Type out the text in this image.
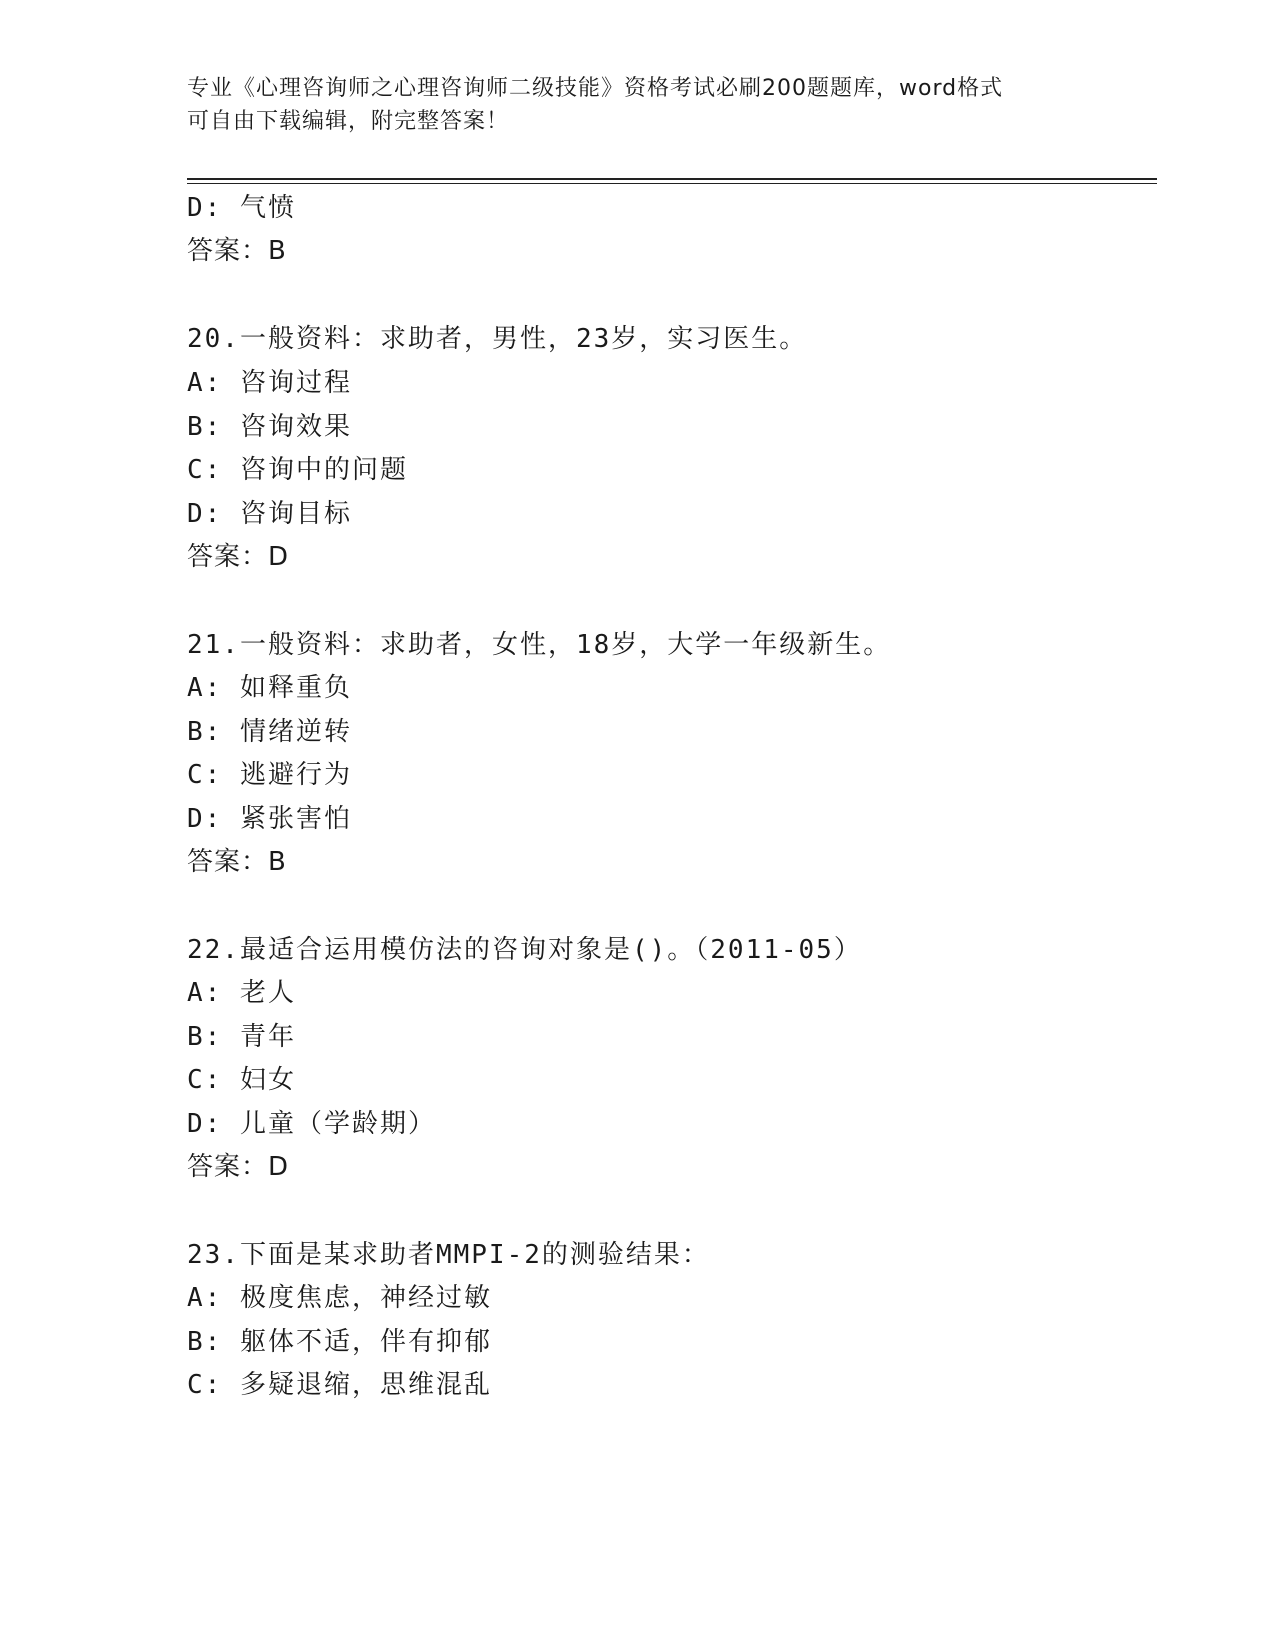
专业《心理咨询师之心理咨询师二级技能》资格考试必刷200题题库，word格式
可自由下载编辑，附完整答案！
D: 气愤
答案：B
20.一般资料：求助者，男性，23岁，实习医生。
A: 咨询过程
B: 咨询效果
C: 咨询中的问题
D: 咨询目标
答案：D
21.一般资料：求助者，女性，18岁，大学一年级新生。
A: 如释重负
B: 情绪逆转
C: 逃避行为
D: 紧张害怕
答案：B
22.最适合运用模仿法的咨询对象是()。（2011-05）
A: 老人
B: 青年
C: 妇女
D: 儿童（学龄期）
答案：D
23.下面是某求助者MMPI-2的测验结果：
A: 极度焦虑，神经过敏
B: 躯体不适，伴有抑郁
C: 多疑退缩，思维混乱
